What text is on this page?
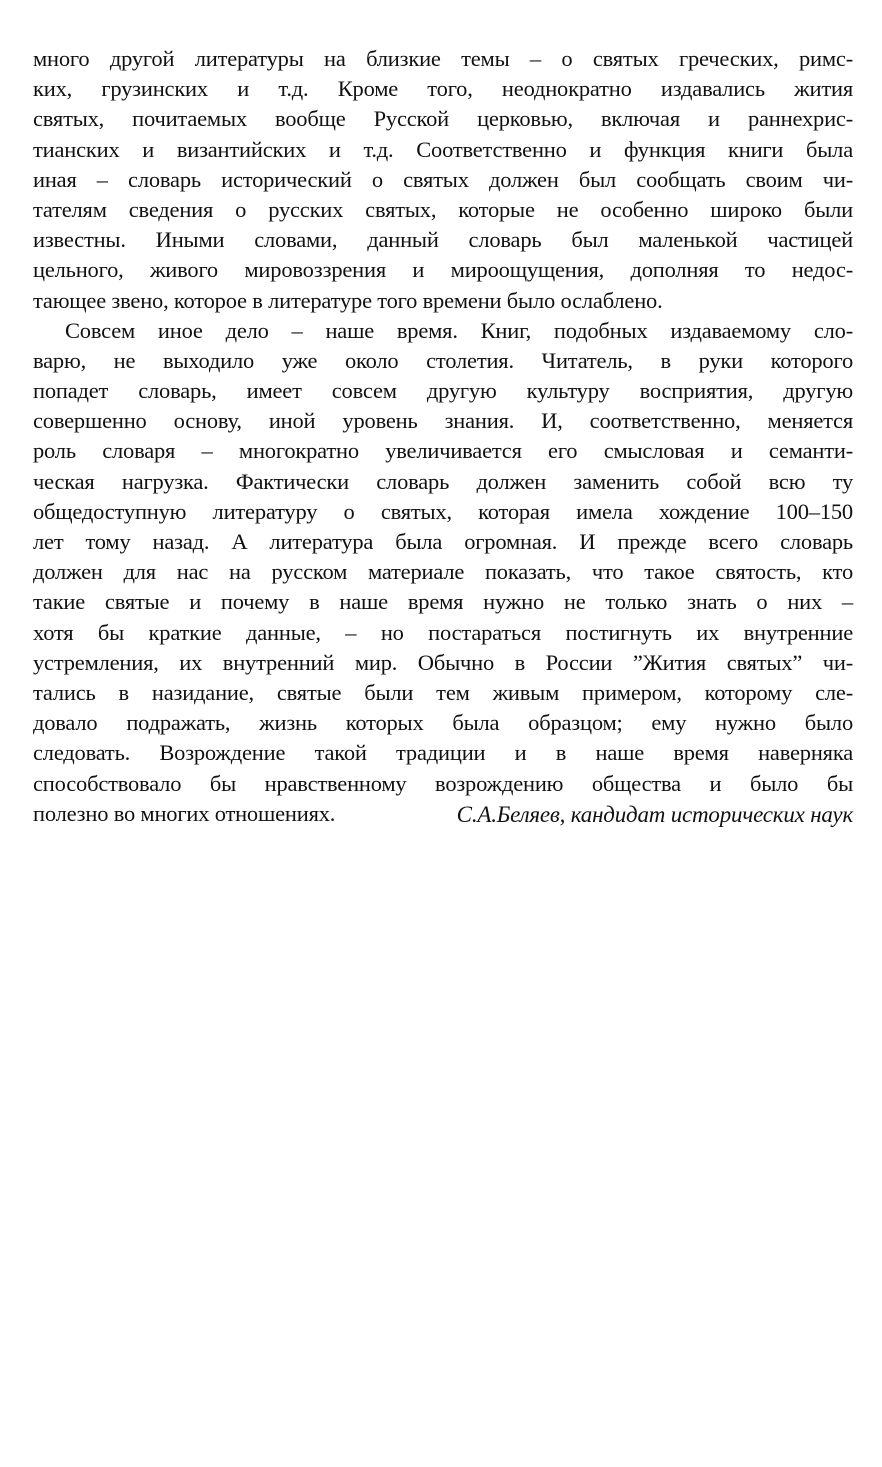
много другой литературы на близкие темы – о святых греческих, римс-
ких, грузинских и т.д. Кроме того, неоднократно издавались жития
святых, почитаемых вообще Русской церковью, включая и раннехрис-
тианских и византийских и т.д. Соответственно и функция книги была
иная – словарь исторический о святых должен был сообщать своим чи-
тателям сведения о русских святых, которые не особенно широко были
известны. Иными словами, данный словарь был маленькой частицей
цельного, живого мировоззрения и мироощущения, дополняя то недос-
тающее звено, которое в литературе того времени было ослаблено.
Совсем иное дело – наше время. Книг, подобных издаваемому сло-
варю, не выходило уже около столетия. Читатель, в руки которого
попадет словарь, имеет совсем другую культуру восприятия, другую
совершенно основу, иной уровень знания. И, соответственно, меняется
роль словаря – многократно увеличивается его смысловая и семанти-
ческая нагрузка. Фактически словарь должен заменить собой всю ту
общедоступную литературу о святых, которая имела хождение 100–150
лет тому назад. А литература была огромная. И прежде всего словарь
должен для нас на русском материале показать, что такое святость, кто
такие святые и почему в наше время нужно не только знать о них –
хотя бы краткие данные, – но постараться постигнуть их внутренние
устремления, их внутренний мир. Обычно в России ”Жития святых” чи-
тались в назидание, святые были тем живым примером, которому сле-
довало подражать, жизнь которых была образцом; ему нужно было
следовать. Возрождение такой традиции и в наше время наверняка
способствовало бы нравственному возрождению общества и было бы
полезно во многих отношениях.	С.А.Беляев, кандидат исторических наук
